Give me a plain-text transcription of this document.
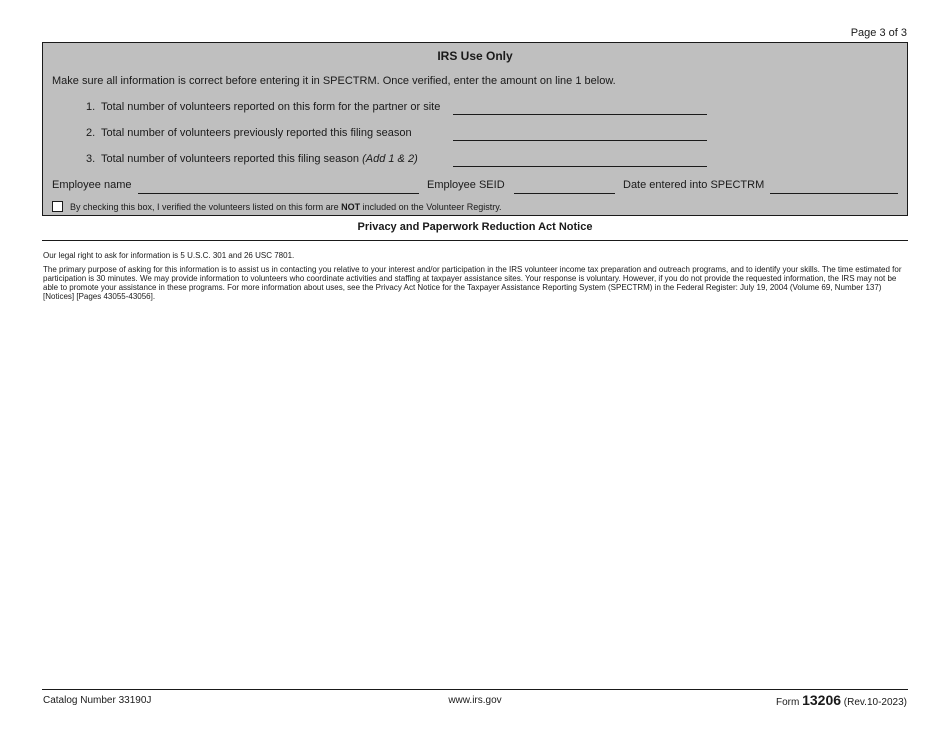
Page 3 of 3
IRS Use Only
Make sure all information is correct before entering it in SPECTRM. Once verified, enter the amount on line 1 below.
1. Total number of volunteers reported on this form for the partner or site
2. Total number of volunteers previously reported this filing season
3. Total number of volunteers reported this filing season (Add 1 & 2)
Employee name	Employee SEID	Date entered into SPECTRM
By checking this box, I verified the volunteers listed on this form are NOT included on the Volunteer Registry.
Privacy and Paperwork Reduction Act Notice
Our legal right to ask for information is 5 U.S.C. 301 and 26 USC 7801.
The primary purpose of asking for this information is to assist us in contacting you relative to your interest and/or participation in the IRS volunteer income tax preparation and outreach programs, and to identify your skills. The time estimated for participation is 30 minutes. We may provide information to volunteers who coordinate activities and staffing at taxpayer assistance sites. Your response is voluntary. However, if you do not provide the requested information, the IRS may not be able to promote your assistance in these programs. For more information about uses, see the Privacy Act Notice for the Taxpayer Assistance Reporting System (SPECTRM) in the Federal Register: July 19, 2004 (Volume 69, Number 137) [Notices] [Pages 43055-43056].
Catalog Number 33190J	www.irs.gov	Form 13206 (Rev.10-2023)
